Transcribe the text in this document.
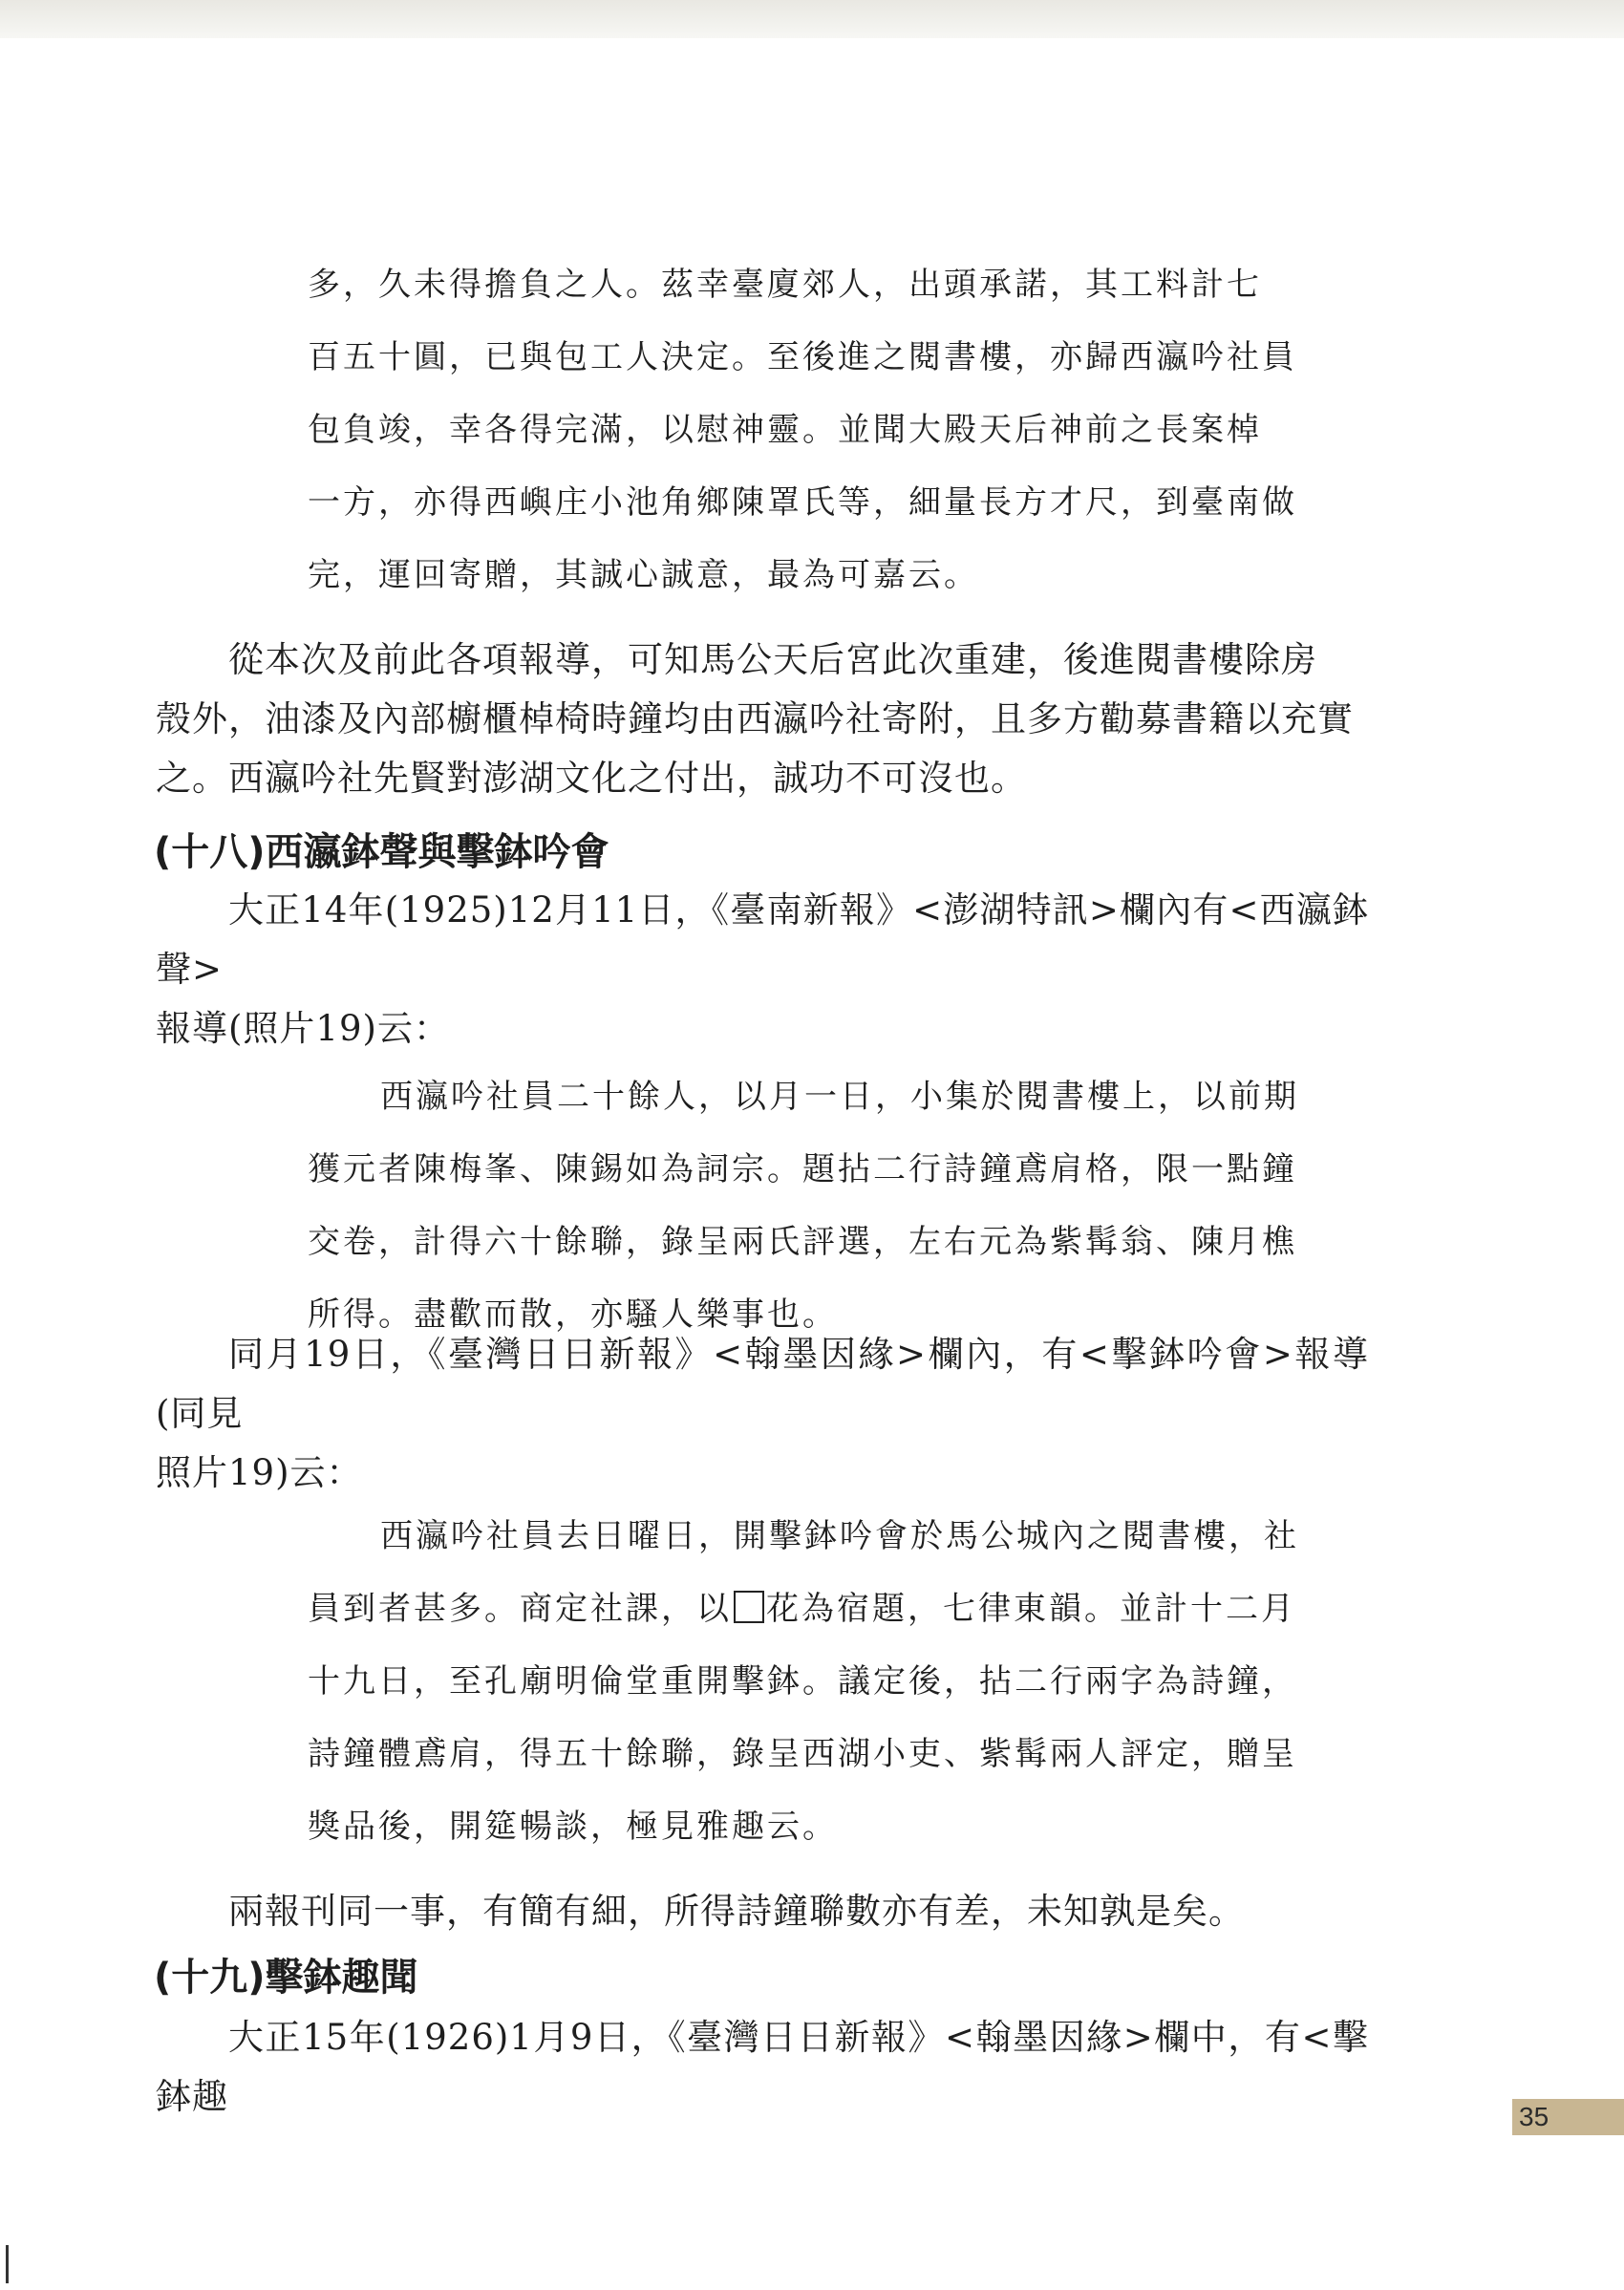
多，久未得擔負之人。茲幸臺廈郊人，出頭承諾，其工料計七

百五十圓，已與包工人決定。至後進之閱書樓，亦歸西瀛吟社員

包負竣，幸各得完滿，以慰神靈。並聞大殿天后神前之長案棹

一方，亦得西嶼庄小池角鄉陳罩氏等，細量長方才尺，到臺南做

完，運回寄贈，其誠心誠意，最為可嘉云。

從本次及前此各項報導，可知馬公天后宮此次重建，後進閱書樓除房

殼外，油漆及內部櫥櫃棹椅時鐘均由西瀛吟社寄附，且多方勸募書籍以充實

之。西瀛吟社先賢對澎湖文化之付出，誠功不可沒也。

(十八)西瀛鉢聲與擊鉢吟會

大正14年(1925)12月11日，《臺南新報》<澎湖特訊>欄內有<西瀛鉢聲>

報導(照片19)云：

西瀛吟社員二十餘人，以月一日，小集於閱書樓上，以前期

獲元者陳梅峯、陳錫如為詞宗。題拈二行詩鐘鳶肩格，限一點鐘

交卷，計得六十餘聯，錄呈兩氏評選，左右元為紫髯翁、陳月樵

所得。盡歡而散，亦騷人樂事也。

同月19日，《臺灣日日新報》<翰墨因緣>欄內，有<擊鉢吟會>報導(同見

照片19)云：

西瀛吟社員去日曜日，開擊鉢吟會於馬公城內之閱書樓，社

員到者甚多。商定社課，以 花為宿題，七律東韻。並計十二月

十九日，至孔廟明倫堂重開擊鉢。議定後，拈二行兩字為詩鐘，

詩鐘體鳶肩，得五十餘聯，錄呈西湖小吏、紫髯兩人評定，贈呈

獎品後，開筵暢談，極見雅趣云。

兩報刊同一事，有簡有細，所得詩鐘聯數亦有差，未知孰是矣。

(十九)擊鉢趣聞

大正15年(1926)1月9日，《臺灣日日新報》<翰墨因緣>欄中，有<擊鉢趣	35
